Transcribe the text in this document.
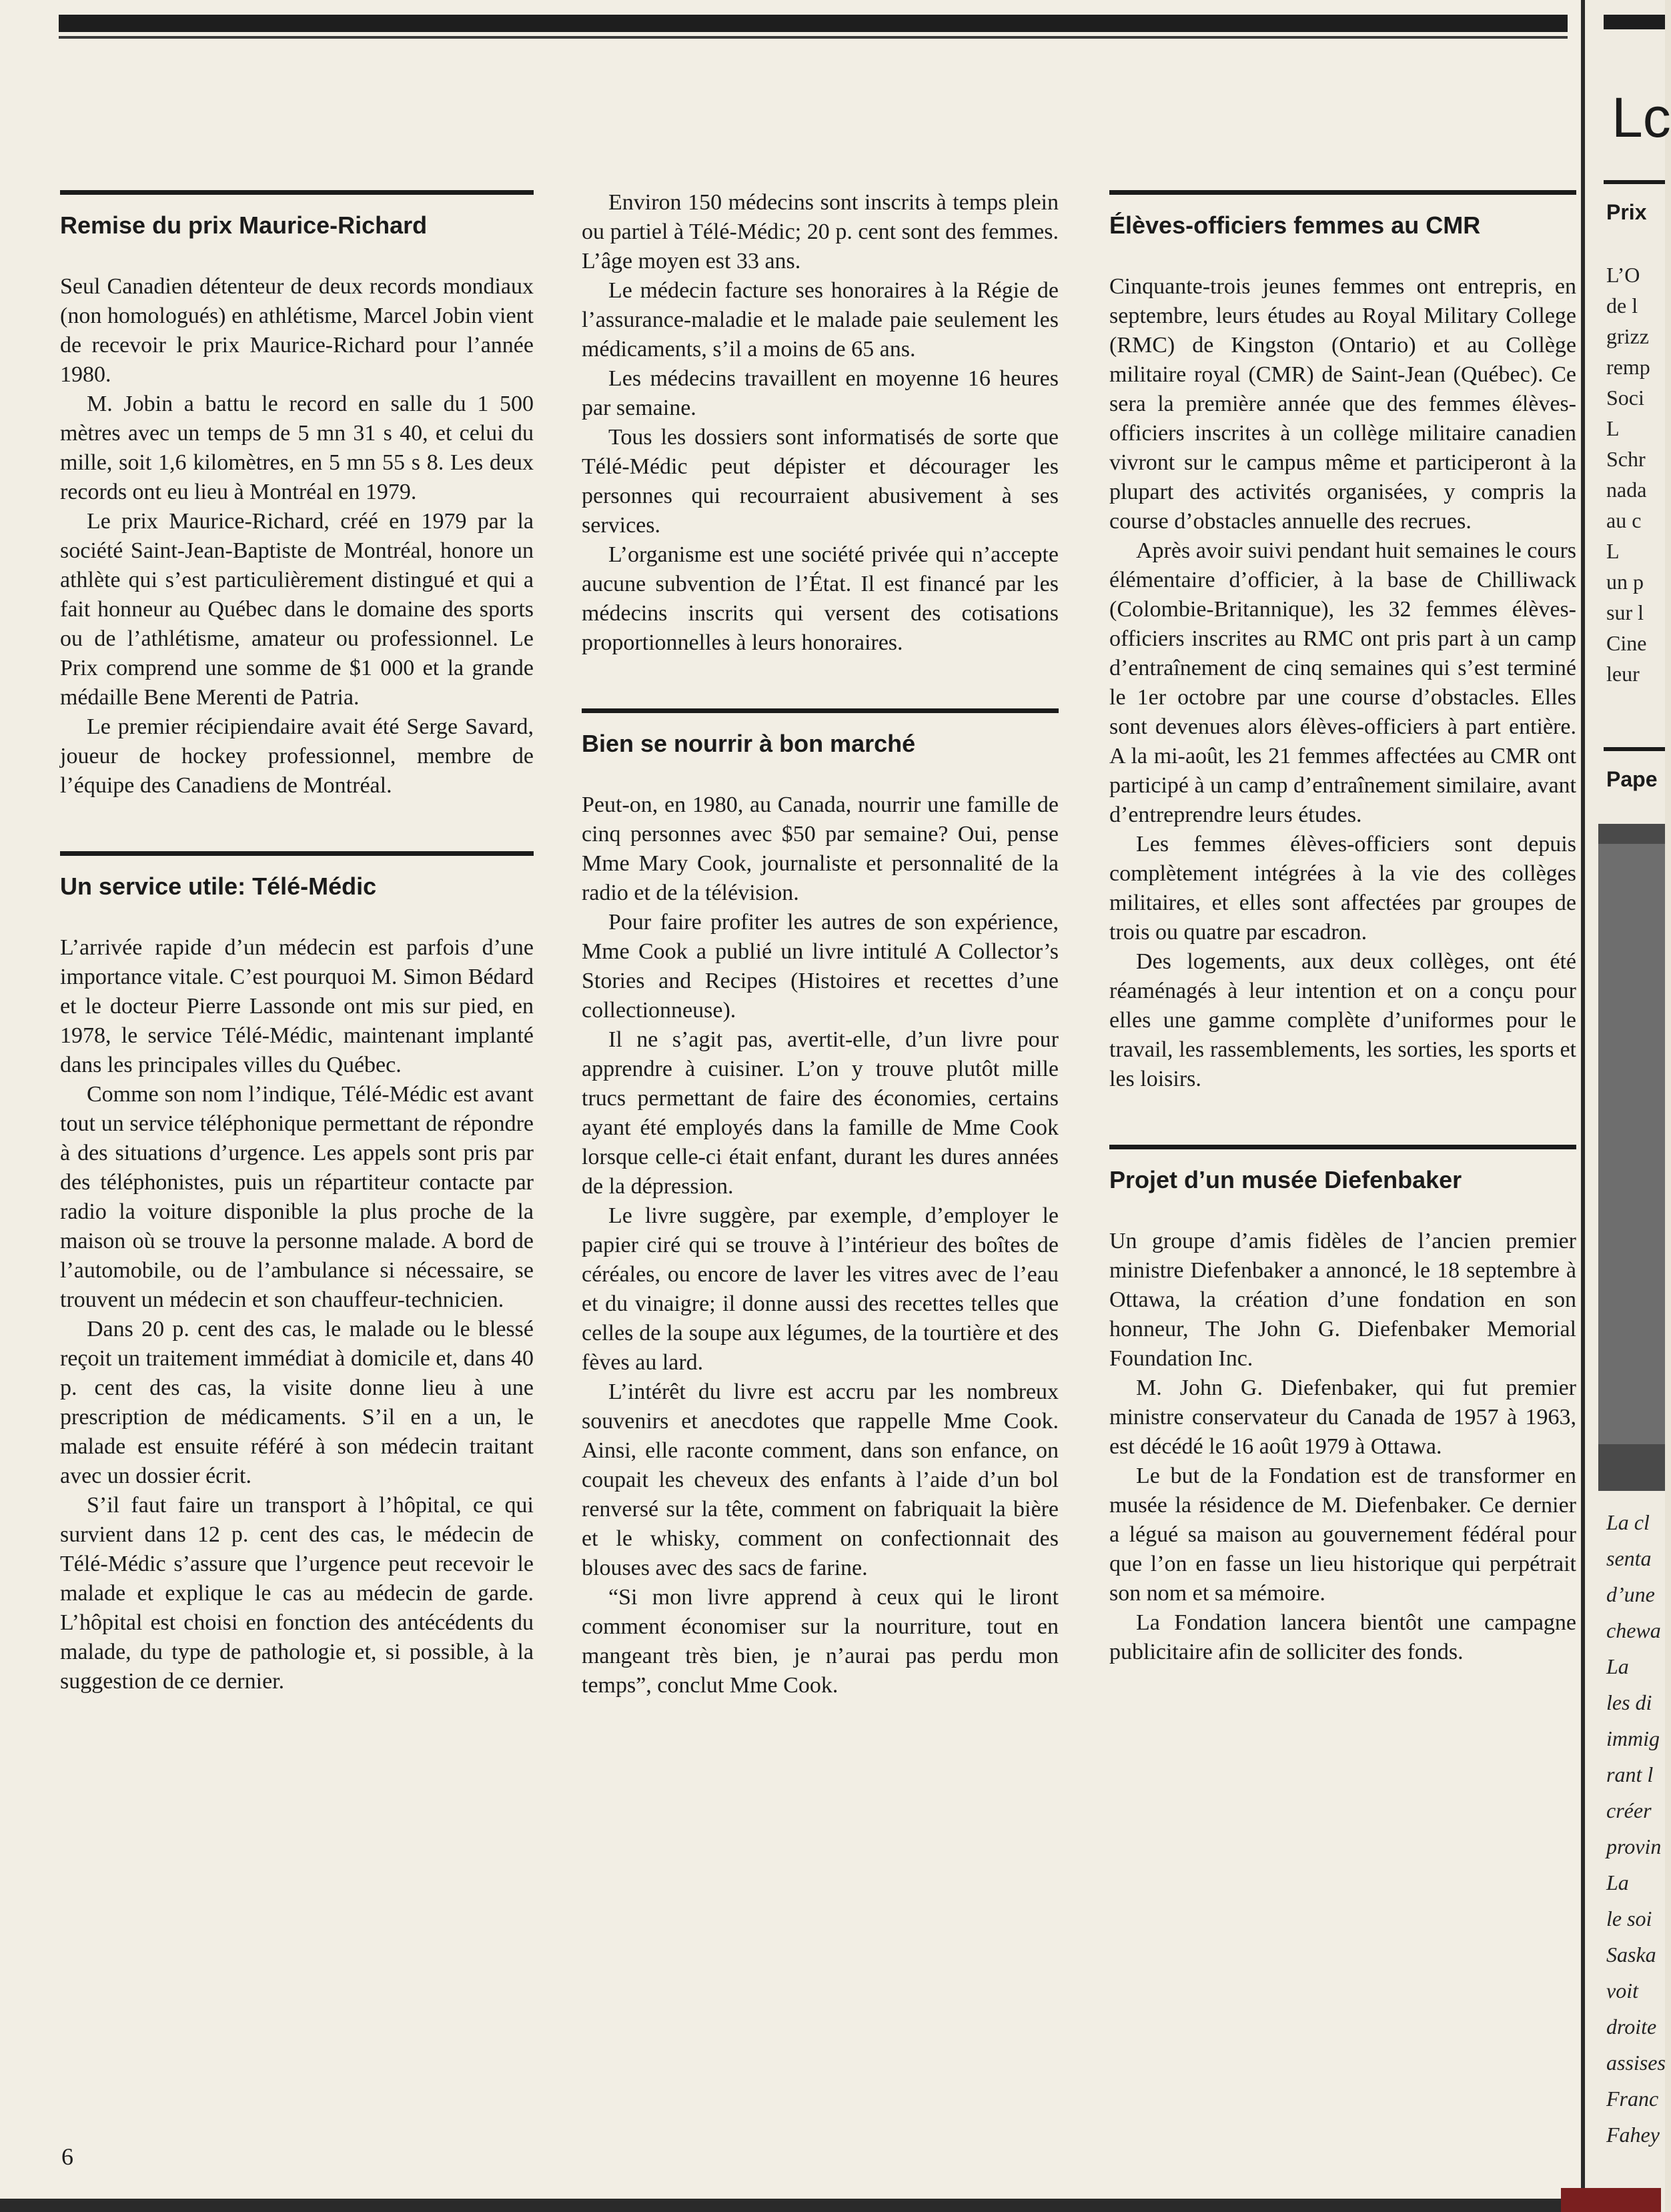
Remise du prix Maurice-Richard

Seul Canadien détenteur de deux records mondiaux (non homologués) en athlétisme, Marcel Jobin vient de recevoir le prix Maurice-Richard pour l’année 1980.

M. Jobin a battu le record en salle du 1 500 mètres avec un temps de 5 mn 31 s 40, et celui du mille, soit 1,6 kilomètres, en 5 mn 55 s 8. Les deux records ont eu lieu à Montréal en 1979.

Le prix Maurice-Richard, créé en 1979 par la société Saint-Jean-Baptiste de Montréal, honore un athlète qui s’est particulièrement distingué et qui a fait honneur au Québec dans le domaine des sports ou de l’athlétisme, amateur ou professionnel. Le Prix comprend une somme de $1 000 et la grande médaille Bene Merenti de Patria.

Le premier récipiendaire avait été Serge Savard, joueur de hockey professionnel, membre de l’équipe des Canadiens de Montréal.

Un service utile: Télé-Médic

L’arrivée rapide d’un médecin est parfois d’une importance vitale. C’est pourquoi M. Simon Bédard et le docteur Pierre Lassonde ont mis sur pied, en 1978, le service Télé-Médic, maintenant implanté dans les principales villes du Québec.

Comme son nom l’indique, Télé-Médic est avant tout un service téléphonique permettant de répondre à des situations d’urgence. Les appels sont pris par des téléphonistes, puis un répartiteur contacte par radio la voiture disponible la plus proche de la maison où se trouve la personne malade. A bord de l’automobile, ou de l’ambulance si nécessaire, se trouvent un médecin et son chauffeur-technicien.

Dans 20 p. cent des cas, le malade ou le blessé reçoit un traitement immédiat à domicile et, dans 40 p. cent des cas, la visite donne lieu à une prescription de médicaments. S’il en a un, le malade est ensuite référé à son médecin traitant avec un dossier écrit.

S’il faut faire un transport à l’hôpital, ce qui survient dans 12 p. cent des cas, le médecin de Télé-Médic s’assure que l’urgence peut recevoir le malade et explique le cas au médecin de garde. L’hôpital est choisi en fonction des antécédents du malade, du type de pathologie et, si possible, à la suggestion de ce dernier.

Environ 150 médecins sont inscrits à temps plein ou partiel à Télé-Médic; 20 p. cent sont des femmes. L’âge moyen est 33 ans.

Le médecin facture ses honoraires à la Régie de l’assurance-maladie et le malade paie seulement les médicaments, s’il a moins de 65 ans.

Les médecins travaillent en moyenne 16 heures par semaine.

Tous les dossiers sont informatisés de sorte que Télé-Médic peut dépister et décourager les personnes qui recourraient abusivement à ses services.

L’organisme est une société privée qui n’accepte aucune subvention de l’État. Il est financé par les médecins inscrits qui versent des cotisations proportionnelles à leurs honoraires.

Bien se nourrir à bon marché

Peut-on, en 1980, au Canada, nourrir une famille de cinq personnes avec $50 par semaine? Oui, pense Mme Mary Cook, journaliste et personnalité de la radio et de la télévision.

Pour faire profiter les autres de son expérience, Mme Cook a publié un livre intitulé A Collector’s Stories and Recipes (Histoires et recettes d’une collectionneuse).

Il ne s’agit pas, avertit-elle, d’un livre pour apprendre à cuisiner. L’on y trouve plutôt mille trucs permettant de faire des économies, certains ayant été employés dans la famille de Mme Cook lorsque celle-ci était enfant, durant les dures années de la dépression.

Le livre suggère, par exemple, d’employer le papier ciré qui se trouve à l’intérieur des boîtes de céréales, ou encore de laver les vitres avec de l’eau et du vinaigre; il donne aussi des recettes telles que celles de la soupe aux légumes, de la tourtière et des fèves au lard.

L’intérêt du livre est accru par les nombreux souvenirs et anecdotes que rappelle Mme Cook. Ainsi, elle raconte comment, dans son enfance, on coupait les cheveux des enfants à l’aide d’un bol renversé sur la tête, comment on fabriquait la bière et le whisky, comment on confectionnait des blouses avec des sacs de farine.

“Si mon livre apprend à ceux qui le liront comment économiser sur la nourriture, tout en mangeant très bien, je n’aurai pas perdu mon temps”, conclut Mme Cook.

Élèves-officiers femmes au CMR

Cinquante-trois jeunes femmes ont entrepris, en septembre, leurs études au Royal Military College (RMC) de Kingston (Ontario) et au Collège militaire royal (CMR) de Saint-Jean (Québec). Ce sera la première année que des femmes élèves-officiers inscrites à un collège militaire canadien vivront sur le campus même et participeront à la plupart des activités organisées, y compris la course d’obstacles annuelle des recrues.

Après avoir suivi pendant huit semaines le cours élémentaire d’officier, à la base de Chilliwack (Colombie-Britannique), les 32 femmes élèves-officiers inscrites au RMC ont pris part à un camp d’entraînement de cinq semaines qui s’est terminé le 1er octobre par une course d’obstacles. Elles sont devenues alors élèves-officiers à part entière. A la mi-août, les 21 femmes affectées au CMR ont participé à un camp d’entraînement similaire, avant d’entreprendre leurs études.

Les femmes élèves-officiers sont depuis complètement intégrées à la vie des collèges militaires, et elles sont affectées par groupes de trois ou quatre par escadron.

Des logements, aux deux collèges, ont été réaménagés à leur intention et on a conçu pour elles une gamme complète d’uniformes pour le travail, les rassemblements, les sorties, les sports et les loisirs.

Projet d’un musée Diefenbaker

Un groupe d’amis fidèles de l’ancien premier ministre Diefenbaker a annoncé, le 18 septembre à Ottawa, la création d’une fondation en son honneur, The John G. Diefenbaker Memorial Foundation Inc.

M. John G. Diefenbaker, qui fut premier ministre conservateur du Canada de 1957 à 1963, est décédé le 16 août 1979 à Ottawa.

Le but de la Fondation est de transformer en musée la résidence de M. Diefenbaker. Ce dernier a légué sa maison au gouvernement fédéral pour que l’on en fasse un lieu historique qui perpétrait son nom et sa mémoire.

La Fondation lancera bientôt une campagne publicitaire afin de solliciter des fonds.

6
Lc
Prix
L’O
de l
grizz
remp
Soci
L
Schr
nada
au c
L
un p
sur l
Cine
leur
Pape
La cl
senta
d’une
chewa
La
les di
immig
rant l
créer
provin
La
le soi
Saska
voit
droite
assises
Franc
Fahey
